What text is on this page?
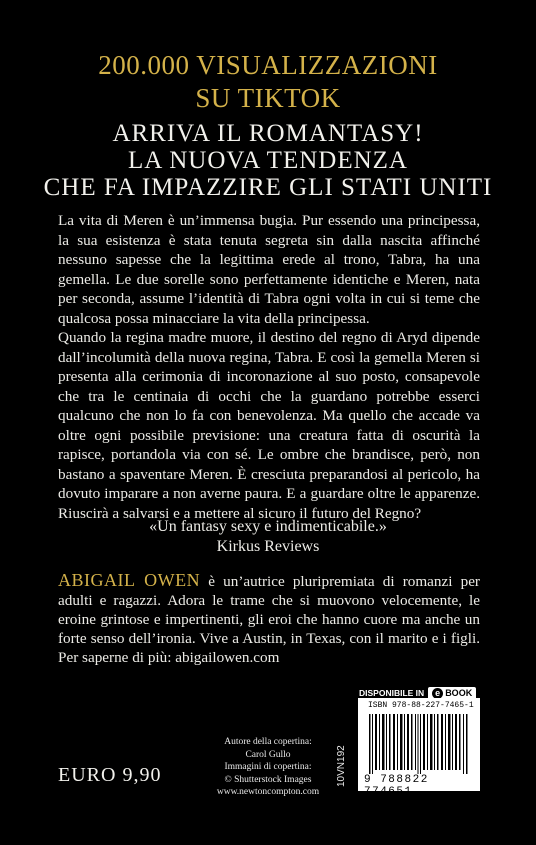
200.000 VISUALIZZAZIONI
SU TIKTOK
ARRIVA IL ROMANTASY!
LA NUOVA TENDENZA
CHE FA IMPAZZIRE GLI STATI UNITI

La vita di Meren è un’immensa bugia. Pur essendo una principessa, la sua esistenza è stata tenuta segreta sin dalla nascita affinché nessuno sapesse che la legittima erede al trono, Tabra, ha una gemella. Le due sorelle sono perfettamente identiche e Meren, nata per seconda, assume l’identità di Tabra ogni volta in cui si teme che qualcosa possa minacciare la vita della principessa.

Quando la regina madre muore, il destino del regno di Aryd dipende dall’incolumità della nuova regina, Tabra. E così la gemella Meren si presenta alla cerimonia di incoronazione al suo posto, consapevole che tra le centinaia di occhi che la guardano potrebbe esserci qualcuno che non lo fa con benevolenza. Ma quello che accade va oltre ogni possibile previsione: una creatura fatta di oscurità la rapisce, portandola via con sé. Le ombre che brandisce, però, non bastano a spaventare Meren. È cresciuta preparandosi al pericolo, ha dovuto imparare a non averne paura. E a guardare oltre le apparenze. Riuscirà a salvarsi e a mettere al sicuro il futuro del Regno?

«Un fantasy sexy e indimenticabile.»
Kirkus Reviews
ABIGAIL OWEN è un’autrice pluripremiata di romanzi per adulti e ragazzi. Adora le trame che si muovono velocemente, le eroine grintose e impertinenti, gli eroi che hanno cuore ma anche un forte senso dell’ironia. Vive a Austin, in Texas, con il marito e i figli. Per saperne di più: abigailowen.com
DISPONIBILE IN e BOOK
ISBN 978-88-227-7465-1
9 788822 774651
10VN192
Autore della copertina:
Carol Gullo
Immagini di copertina:
© Shutterstock Images
www.newtoncompton.com
EURO 9,90
